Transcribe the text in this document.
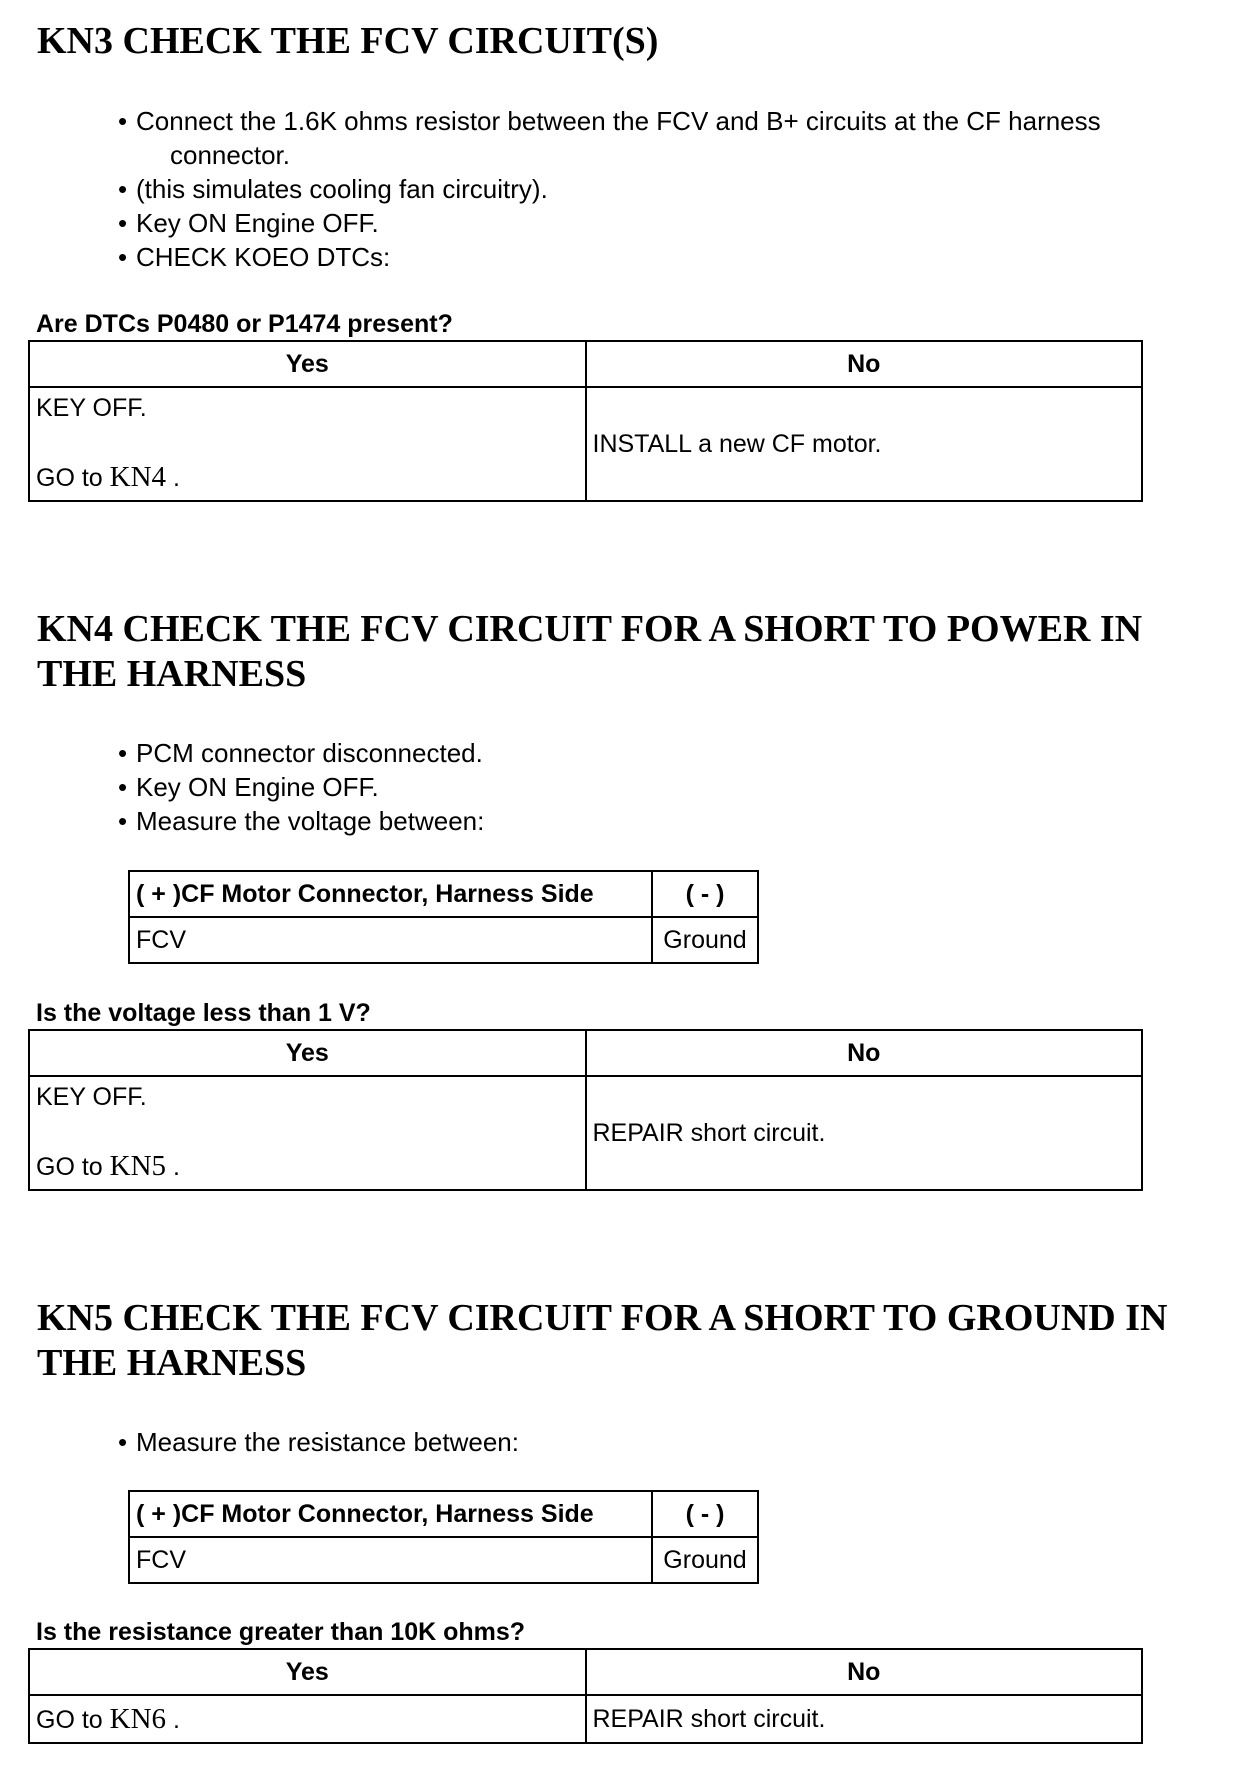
KN3 CHECK THE FCV CIRCUIT(S)
• Connect the 1.6K ohms resistor between the FCV and B+ circuits at the CF harness
connector.
• (this simulates cooling fan circuitry).
• Key ON Engine OFF.
• CHECK KOEO DTCs:
Are DTCs P0480 or P1474 present?
Yes	No

KEY OFF.
GO to KN4 .	INSTALL a new CF motor.
KN4 CHECK THE FCV CIRCUIT FOR A SHORT TO POWER IN
THE HARNESS
• PCM connector disconnected.
• Key ON Engine OFF.
• Measure the voltage between:
( + )CF Motor Connector, Harness Side	( - )
FCV	Ground
Is the voltage less than 1 V?
Yes	No

KEY OFF.
GO to KN5 .	REPAIR short circuit.
KN5 CHECK THE FCV CIRCUIT FOR A SHORT TO GROUND IN
THE HARNESS
• Measure the resistance between:
( + )CF Motor Connector, Harness Side	( - )
FCV	Ground
Is the resistance greater than 10K ohms?
Yes	No
GO to KN6 .	REPAIR short circuit.
